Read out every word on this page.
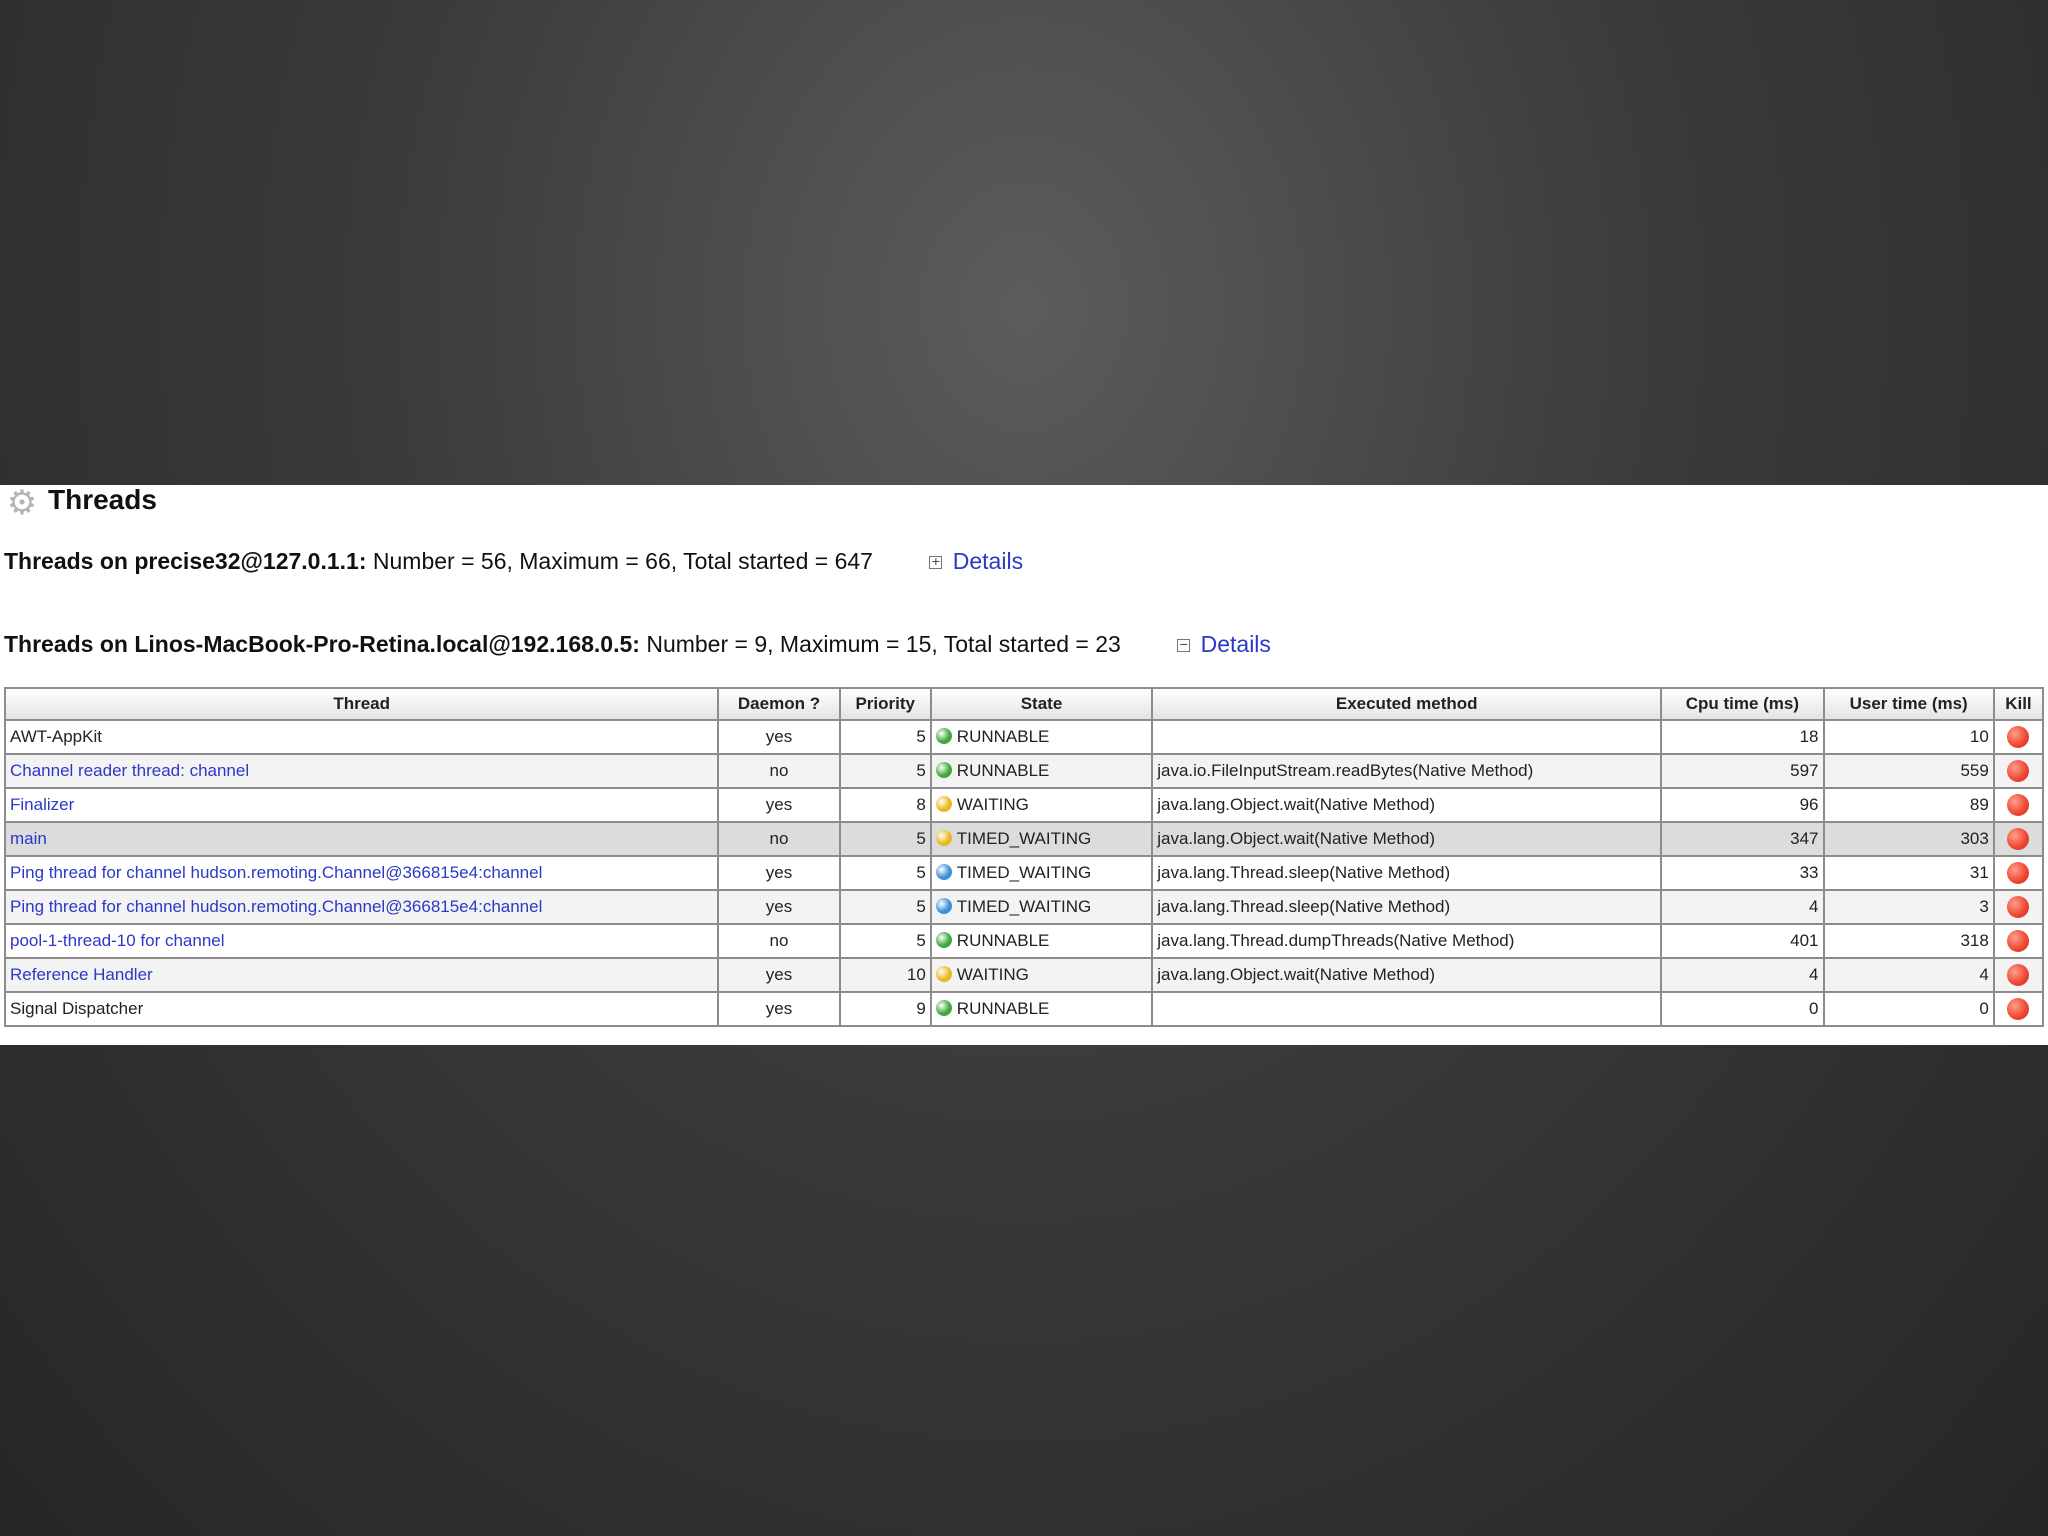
⚙ Threads
Threads on precise32@127.0.1.1: Number = 56, Maximum = 66, Total started = 647	+ Details
Threads on Linos-MacBook-Pro-Retina.local@192.168.0.5: Number = 9, Maximum = 15, Total started = 23	− Details
Thread	Daemon ?	Priority	State	Executed method	Cpu time (ms)	User time (ms)	Kill
AWT-AppKit	yes	5	RUNNABLE		18	10	
Channel reader thread: channel	no	5	RUNNABLE	java.io.FileInputStream.readBytes(Native Method)	597	559	
Finalizer	yes	8	WAITING	java.lang.Object.wait(Native Method)	96	89	
main	no	5	TIMED_WAITING	java.lang.Object.wait(Native Method)	347	303	
Ping thread for channel hudson.remoting.Channel@366815e4:channel	yes	5	TIMED_WAITING	java.lang.Thread.sleep(Native Method)	33	31	
Ping thread for channel hudson.remoting.Channel@366815e4:channel	yes	5	TIMED_WAITING	java.lang.Thread.sleep(Native Method)	4	3	
pool-1-thread-10 for channel	no	5	RUNNABLE	java.lang.Thread.dumpThreads(Native Method)	401	318	
Reference Handler	yes	10	WAITING	java.lang.Object.wait(Native Method)	4	4	
Signal Dispatcher	yes	9	RUNNABLE		0	0	
